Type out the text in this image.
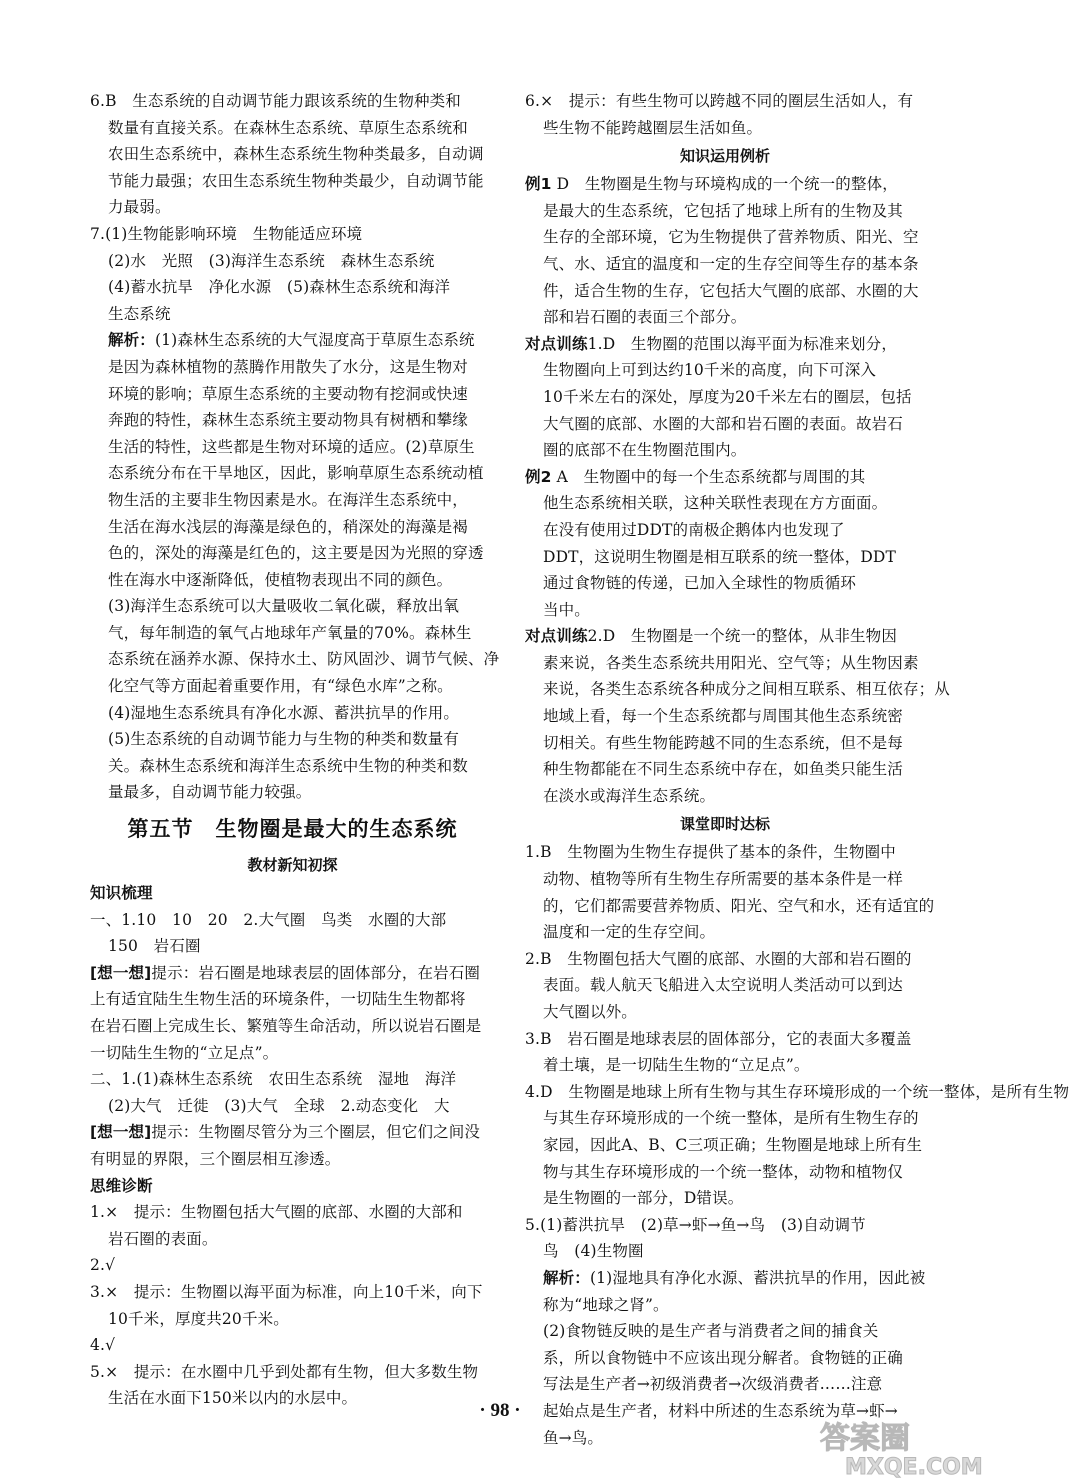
6.B　生态系统的自动调节能力跟该系统的生物种类和
数量有直接关系。在森林生态系统、草原生态系统和
农田生态系统中，森林生态系统生物种类最多，自动调
节能力最强；农田生态系统生物种类最少，自动调节能
力最弱。
7.(1)生物能影响环境　生物能适应环境
(2)水　光照　(3)海洋生态系统　森林生态系统
(4)蓄水抗旱　净化水源　(5)森林生态系统和海洋
生态系统
解析：(1)森林生态系统的大气湿度高于草原生态系统
是因为森林植物的蒸腾作用散失了水分，这是生物对
环境的影响；草原生态系统的主要动物有挖洞或快速
奔跑的特性，森林生态系统主要动物具有树栖和攀缘
生活的特性，这些都是生物对环境的适应。(2)草原生
态系统分布在干旱地区，因此，影响草原生态系统动植
物生活的主要非生物因素是水。在海洋生态系统中，
生活在海水浅层的海藻是绿色的，稍深处的海藻是褐
色的，深处的海藻是红色的，这主要是因为光照的穿透
性在海水中逐渐降低，使植物表现出不同的颜色。
(3)海洋生态系统可以大量吸收二氧化碳，释放出氧
气，每年制造的氧气占地球年产氧量的70%。森林生
态系统在涵养水源、保持水土、防风固沙、调节气候、净
化空气等方面起着重要作用，有“绿色水库”之称。
(4)湿地生态系统具有净化水源、蓄洪抗旱的作用。
(5)生态系统的自动调节能力与生物的种类和数量有
关。森林生态系统和海洋生态系统中生物的种类和数
量最多，自动调节能力较强。
第五节　生物圈是最大的生态系统
教材新知初探
知识梳理
一、1.10　10　20　2.大气圈　鸟类　水圈的大部
150　岩石圈
[想一想]提示：岩石圈是地球表层的固体部分，在岩石圈
上有适宜陆生生物生活的环境条件，一切陆生生物都将
在岩石圈上完成生长、繁殖等生命活动，所以说岩石圈是
一切陆生生物的“立足点”。
二、1.(1)森林生态系统　农田生态系统　湿地　海洋
(2)大气　迁徙　(3)大气　全球　2.动态变化　大
[想一想]提示：生物圈尽管分为三个圈层，但它们之间没
有明显的界限，三个圈层相互渗透。
思维诊断
1.×　提示：生物圈包括大气圈的底部、水圈的大部和
岩石圈的表面。
2.√
3.×　提示：生物圈以海平面为标准，向上10千米，向下
10千米，厚度共20千米。
4.√
5.×　提示：在水圈中几乎到处都有生物，但大多数生物
生活在水面下150米以内的水层中。
6.×　提示：有些生物可以跨越不同的圈层生活如人，有
些生物不能跨越圈层生活如鱼。
知识运用例析
例1 D　生物圈是生物与环境构成的一个统一的整体，
是最大的生态系统，它包括了地球上所有的生物及其
生存的全部环境，它为生物提供了营养物质、阳光、空
气、水、适宜的温度和一定的生存空间等生存的基本条
件，适合生物的生存，它包括大气圈的底部、水圈的大
部和岩石圈的表面三个部分。
对点训练1.D　生物圈的范围以海平面为标准来划分，
生物圈向上可到达约10千米的高度，向下可深入
10千米左右的深处，厚度为20千米左右的圈层，包括
大气圈的底部、水圈的大部和岩石圈的表面。故岩石
圈的底部不在生物圈范围内。
例2 A　生物圈中的每一个生态系统都与周围的其
他生态系统相关联，这种关联性表现在方方面面。
在没有使用过DDT的南极企鹅体内也发现了
DDT，这说明生物圈是相互联系的统一整体，DDT
通过食物链的传递，已加入全球性的物质循环
当中。
对点训练2.D　生物圈是一个统一的整体，从非生物因
素来说，各类生态系统共用阳光、空气等；从生物因素
来说，各类生态系统各种成分之间相互联系、相互依存；从
地域上看，每一个生态系统都与周围其他生态系统密
切相关。有些生物能跨越不同的生态系统，但不是每
种生物都能在不同生态系统中存在，如鱼类只能生活
在淡水或海洋生态系统。
课堂即时达标
1.B　生物圈为生物生存提供了基本的条件，生物圈中
动物、植物等所有生物生存所需要的基本条件是一样
的，它们都需要营养物质、阳光、空气和水，还有适宜的
温度和一定的生存空间。
2.B　生物圈包括大气圈的底部、水圈的大部和岩石圈的
表面。载人航天飞船进入太空说明人类活动可以到达
大气圈以外。
3.B　岩石圈是地球表层的固体部分，它的表面大多覆盖
着土壤，是一切陆生生物的“立足点”。
4.D　生物圈是地球上所有生物与其生存环境形成的一个统一整体，是所有生物
与其生存环境形成的一个统一整体，是所有生物生存的
家园，因此A、B、C三项正确；生物圈是地球上所有生
物与其生存环境形成的一个统一整体，动物和植物仅
是生物圈的一部分，D错误。
5.(1)蓄洪抗旱　(2)草→虾→鱼→鸟　(3)自动调节
鸟　(4)生物圈
解析：(1)湿地具有净化水源、蓄洪抗旱的作用，因此被
称为“地球之肾”。
(2)食物链反映的是生产者与消费者之间的捕食关
系，所以食物链中不应该出现分解者。食物链的正确
写法是生产者→初级消费者→次级消费者……注意
起始点是生产者，材料中所述的生态系统为草→虾→
鱼→鸟。
· 98 ·
答案圈
MXQE.COM
